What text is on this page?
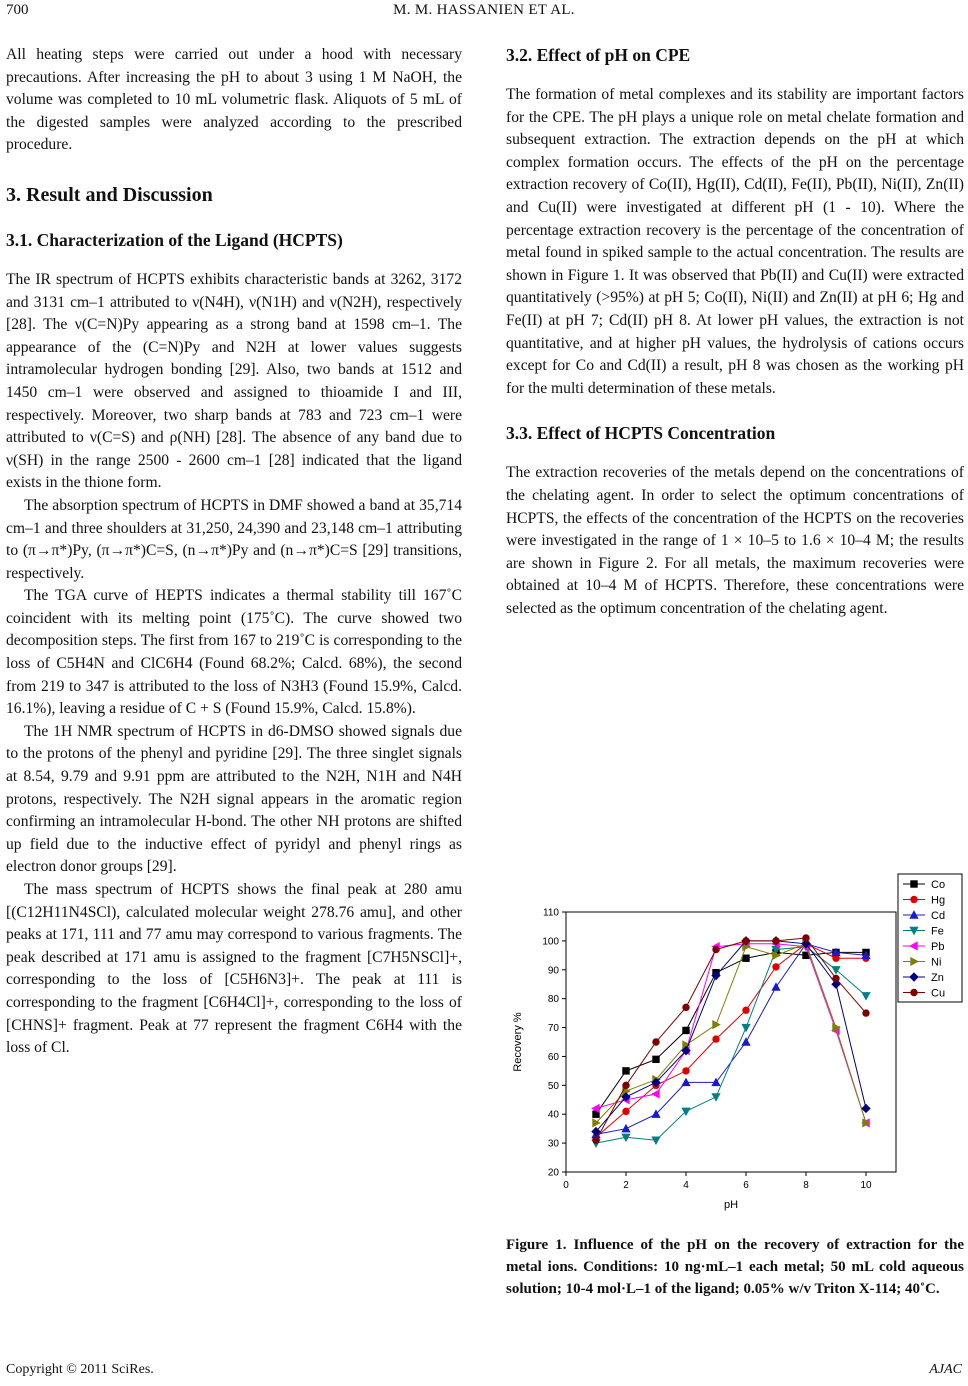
700	M. M. HASSANIEN ET AL.

All heating steps were carried out under a hood with necessary precautions. After increasing the pH to about 3 using 1 M NaOH, the volume was completed to 10 mL volumetric flask. Aliquots of 5 mL of the digested samples were analyzed according to the prescribed procedure.

3. Result and Discussion
3.1. Characterization of the Ligand (HCPTS)

The IR spectrum of HCPTS exhibits characteristic bands at 3262, 3172 and 3131 cm–1 attributed to ν(N4H), ν(N1H) and ν(N2H), respectively [28]. The ν(C=N)Py appearing as a strong band at 1598 cm–1. The appearance of the (C=N)Py and N2H at lower values suggests intramolecular hydrogen bonding [29]. Also, two bands at 1512 and 1450 cm–1 were observed and assigned to thioamide I and III, respectively. Moreover, two sharp bands at 783 and 723 cm–1 were attributed to ν(C=S) and ρ(NH) [28]. The absence of any band due to ν(SH) in the range 2500 - 2600 cm–1 [28] indicated that the ligand exists in the thione form.

The absorption spectrum of HCPTS in DMF showed a band at 35,714 cm–1 and three shoulders at 31,250, 24,390 and 23,148 cm–1 attributing to (π→π*)Py, (π→π*)C=S, (n→π*)Py and (n→π*)C=S [29] transitions, respectively.

The TGA curve of HEPTS indicates a thermal stability till 167˚C coincident with its melting point (175˚C). The curve showed two decomposition steps. The first from 167 to 219˚C is corresponding to the loss of C5H4N and ClC6H4 (Found 68.2%; Calcd. 68%), the second from 219 to 347 is attributed to the loss of N3H3 (Found 15.9%, Calcd. 16.1%), leaving a residue of C + S (Found 15.9%, Calcd. 15.8%).

The 1H NMR spectrum of HCPTS in d6-DMSO showed signals due to the protons of the phenyl and pyridine [29]. The three singlet signals at 8.54, 9.79 and 9.91 ppm are attributed to the N2H, N1H and N4H protons, respectively. The N2H signal appears in the aromatic region confirming an intramolecular H-bond. The other NH protons are shifted up field due to the inductive effect of pyridyl and phenyl rings as electron donor groups [29].

The mass spectrum of HCPTS shows the final peak at 280 amu [(C12H11N4SCl), calculated molecular weight 278.76 amu], and other peaks at 171, 111 and 77 amu may correspond to various fragments. The peak described at 171 amu is assigned to the fragment [C7H5NSCl]+, corresponding to the loss of [C5H6N3]+. The peak at 111 is corresponding to the fragment [C6H4Cl]+, corresponding to the loss of [CHNS]+ fragment. Peak at 77 represent the fragment C6H4 with the loss of Cl.

3.2. Effect of pH on CPE

The formation of metal complexes and its stability are important factors for the CPE. The pH plays a unique role on metal chelate formation and subsequent extraction. The extraction depends on the pH at which complex formation occurs. The effects of the pH on the percentage extraction recovery of Co(II), Hg(II), Cd(II), Fe(II), Pb(II), Ni(II), Zn(II) and Cu(II) were investigated at different pH (1 - 10). Where the percentage extraction recovery is the percentage of the concentration of metal found in spiked sample to the actual concentration. The results are shown in Figure 1. It was observed that Pb(II) and Cu(II) were extracted quantitatively (>95%) at pH 5; Co(II), Ni(II) and Zn(II) at pH 6; Hg and Fe(II) at pH 7; Cd(II) pH 8. At lower pH values, the extraction is not quantitative, and at higher pH values, the hydrolysis of cations occurs except for Co and Cd(II) a result, pH 8 was chosen as the working pH for the multi determination of these metals.

3.3. Effect of HCPTS Concentration

The extraction recoveries of the metals depend on the concentrations of the chelating agent. In order to select the optimum concentrations of HCPTS, the effects of the concentration of the HCPTS on the recoveries were investigated in the range of 1 × 10–5 to 1.6 × 10–4 M; the results are shown in Figure 2. For all metals, the maximum recoveries were obtained at 10–4 M of HCPTS. Therefore, these concentrations were selected as the optimum concentration of the chelating agent.

0	2	4	6	8	10
20
30
40
50
60
70
80
90
100
110
pH
Recovery %
Co
Hg
Cd
Fe
Pb
Ni
Zn
Cu
Figure 1. Influence of the pH on the recovery of extraction for the metal ions. Conditions: 10 ng·mL–1 each metal; 50 mL cold aqueous solution; 10-4 mol·L–1 of the ligand; 0.05% w/v Triton X-114; 40˚C.
Copyright © 2011 SciRes.	AJAC
